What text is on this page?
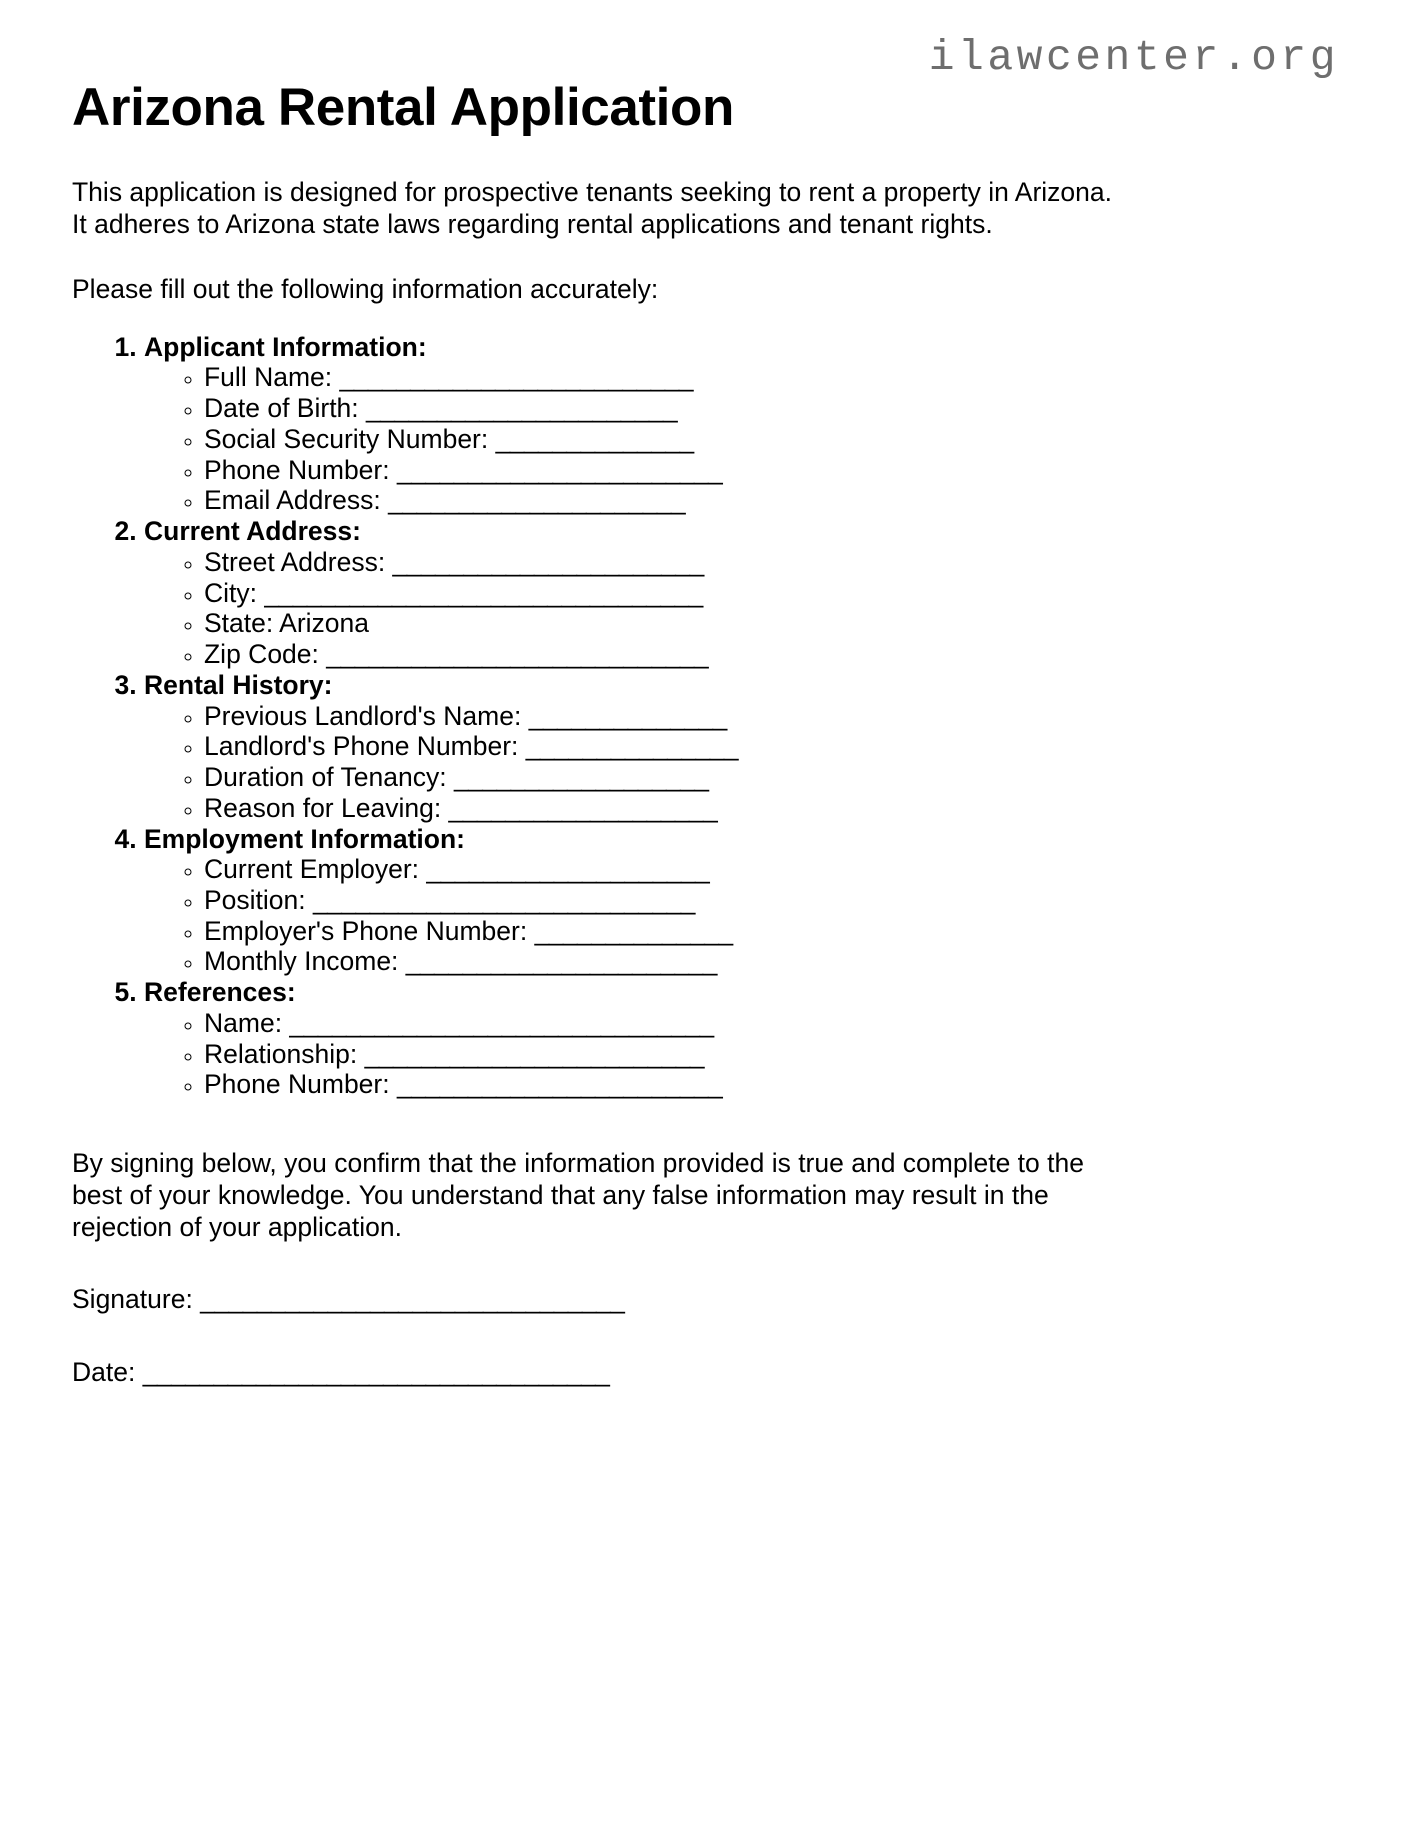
ilawcenter.org
Arizona Rental Application

This application is designed for prospective tenants seeking to rent a property in Arizona.
It adheres to Arizona state laws regarding rental applications and tenant rights.

Please fill out the following information accurately:

1. Applicant Information:
◦ Full Name: _________________________
◦ Date of Birth: ______________________
◦ Social Security Number: ______________
◦ Phone Number: _______________________
◦ Email Address: _____________________
2. Current Address:
◦ Street Address: ______________________
◦ City: _______________________________
◦ State: Arizona
◦ Zip Code: ___________________________
3. Rental History:
◦ Previous Landlord's Name: ______________
◦ Landlord's Phone Number: _______________
◦ Duration of Tenancy: __________________
◦ Reason for Leaving: ___________________
4. Employment Information:
◦ Current Employer: ____________________
◦ Position: ___________________________
◦ Employer's Phone Number: ______________
◦ Monthly Income: ______________________
5. References:
◦ Name: ______________________________
◦ Relationship: ________________________
◦ Phone Number: _______________________

By signing below, you confirm that the information provided is true and complete to the
best of your knowledge. You understand that any false information may result in the
rejection of your application.

Signature: ______________________________

Date: _________________________________
